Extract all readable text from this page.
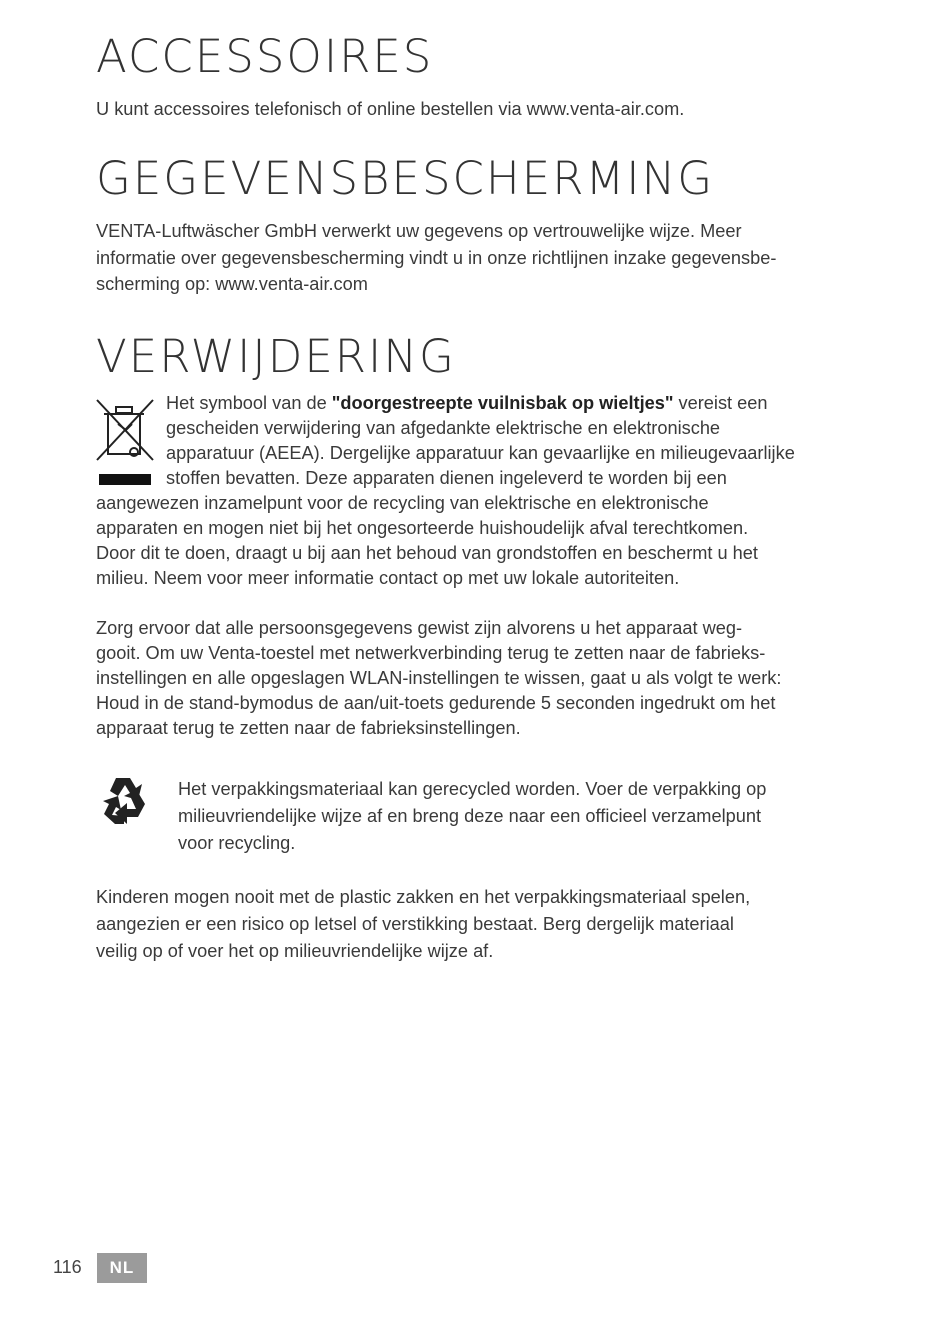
ACCESSOIRES

U kunt accessoires telefonisch of online bestellen via www.venta-air.com.

GEGEVENSBESCHERMING

VENTA-Luftwäscher GmbH verwerkt uw gegevens op vertrouwelijke wijze. Meer
informatie over gegevensbescherming vindt u in onze richtlijnen inzake gegevensbe-
scherming op: www.venta-air.com

VERWIJDERING

Het symbool van de "doorgestreepte vuilnisbak op wieltjes" vereist een
gescheiden verwijdering van afgedankte elektrische en elektronische
apparatuur (AEEA). Dergelijke apparatuur kan gevaarlijke en milieugevaarlijke
stoffen bevatten. Deze apparaten dienen ingeleverd te worden bij een
aangewezen inzamelpunt voor de recycling van elektrische en elektronische
apparaten en mogen niet bij het ongesorteerde huishoudelijk afval terechtkomen.
Door dit te doen, draagt u bij aan het behoud van grondstoffen en beschermt u het
milieu. Neem voor meer informatie contact op met uw lokale autoriteiten.

Zorg ervoor dat alle persoonsgegevens gewist zijn alvorens u het apparaat weg-
gooit. Om uw Venta-toestel met netwerkverbinding terug te zetten naar de fabrieks-
instellingen en alle opgeslagen WLAN-instellingen te wissen, gaat u als volgt te werk:
Houd in de stand-bymodus de aan/uit-toets gedurende 5 seconden ingedrukt om het
apparaat terug te zetten naar de fabrieksinstellingen.

Het verpakkingsmateriaal kan gerecycled worden. Voer de verpakking op
milieuvriendelijke wijze af en breng deze naar een officieel verzamelpunt
voor recycling.

Kinderen mogen nooit met de plastic zakken en het verpakkingsmateriaal spelen,
aangezien er een risico op letsel of verstikking bestaat. Berg dergelijk materiaal
veilig op of voer het op milieuvriendelijke wijze af.

116	NL
